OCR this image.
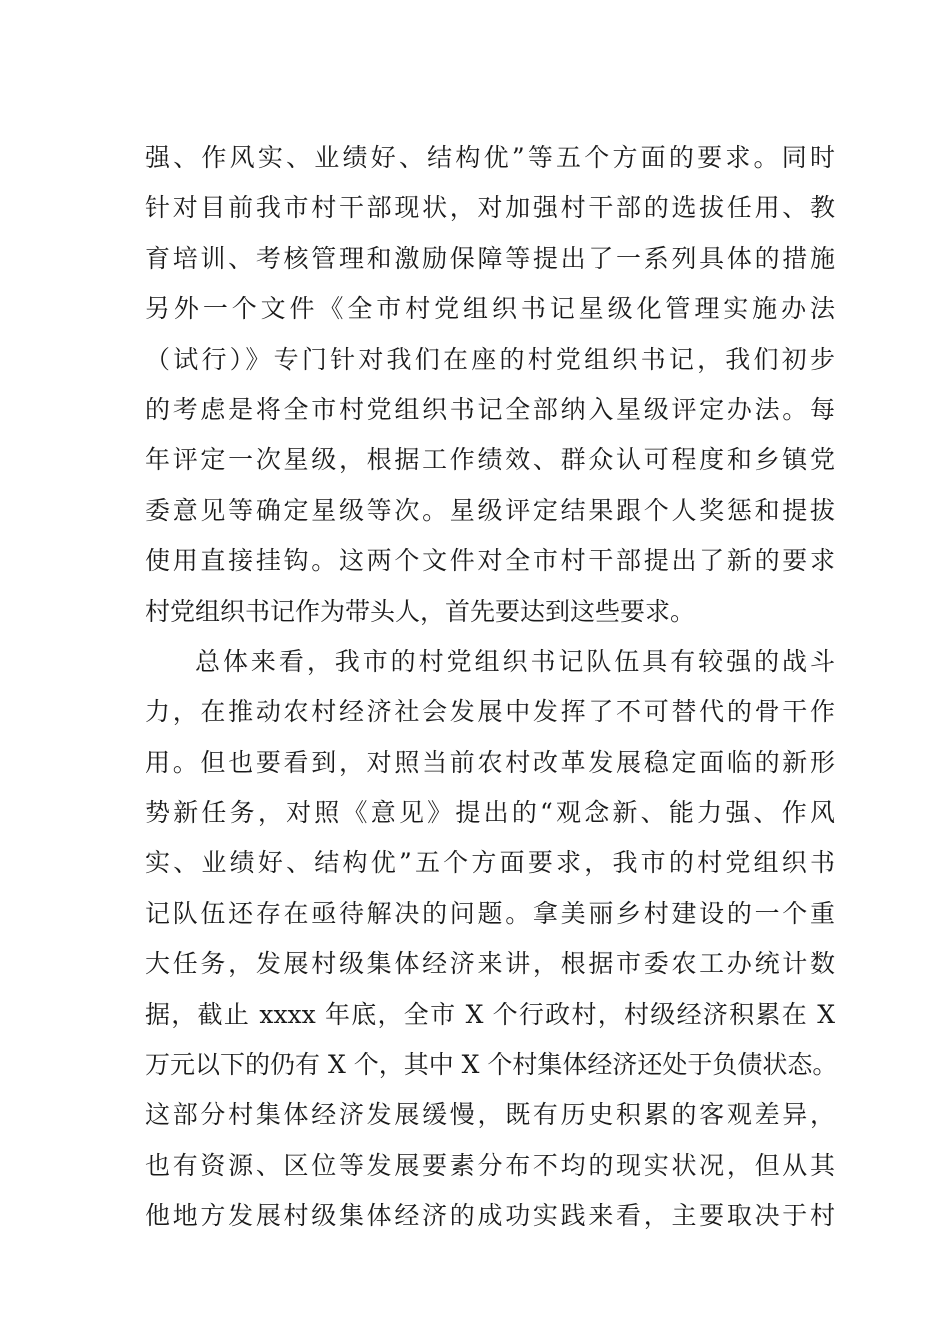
强、作风实、业绩好、结构优”等五个方面的要求。同时
针对目前我市村干部现状，对加强村干部的选拔任用、教
育培训、考核管理和激励保障等提出了一系列具体的措施
另外一个文件《全市村党组织书记星级化管理实施办法
（试行）》专门针对我们在座的村党组织书记，我们初步
的考虑是将全市村党组织书记全部纳入星级评定办法。每
年评定一次星级，根据工作绩效、群众认可程度和乡镇党
委意见等确定星级等次。星级评定结果跟个人奖惩和提拔
使用直接挂钩。这两个文件对全市村干部提出了新的要求
村党组织书记作为带头人，首先要达到这些要求。
总体来看，我市的村党组织书记队伍具有较强的战斗
力，在推动农村经济社会发展中发挥了不可替代的骨干作
用。但也要看到，对照当前农村改革发展稳定面临的新形
势新任务，对照《意见》提出的“观念新、能力强、作风
实、业绩好、结构优”五个方面要求，我市的村党组织书
记队伍还存在亟待解决的问题。拿美丽乡村建设的一个重
大任务，发展村级集体经济来讲，根据市委农工办统计数
据，截止 xxxx 年底，全市 X 个行政村，村级经济积累在 X
万元以下的仍有 X 个，其中 X 个村集体经济还处于负债状态。
这部分村集体经济发展缓慢，既有历史积累的客观差异，
也有资源、区位等发展要素分布不均的现实状况，但从其
他地方发展村级集体经济的成功实践来看，主要取决于村
